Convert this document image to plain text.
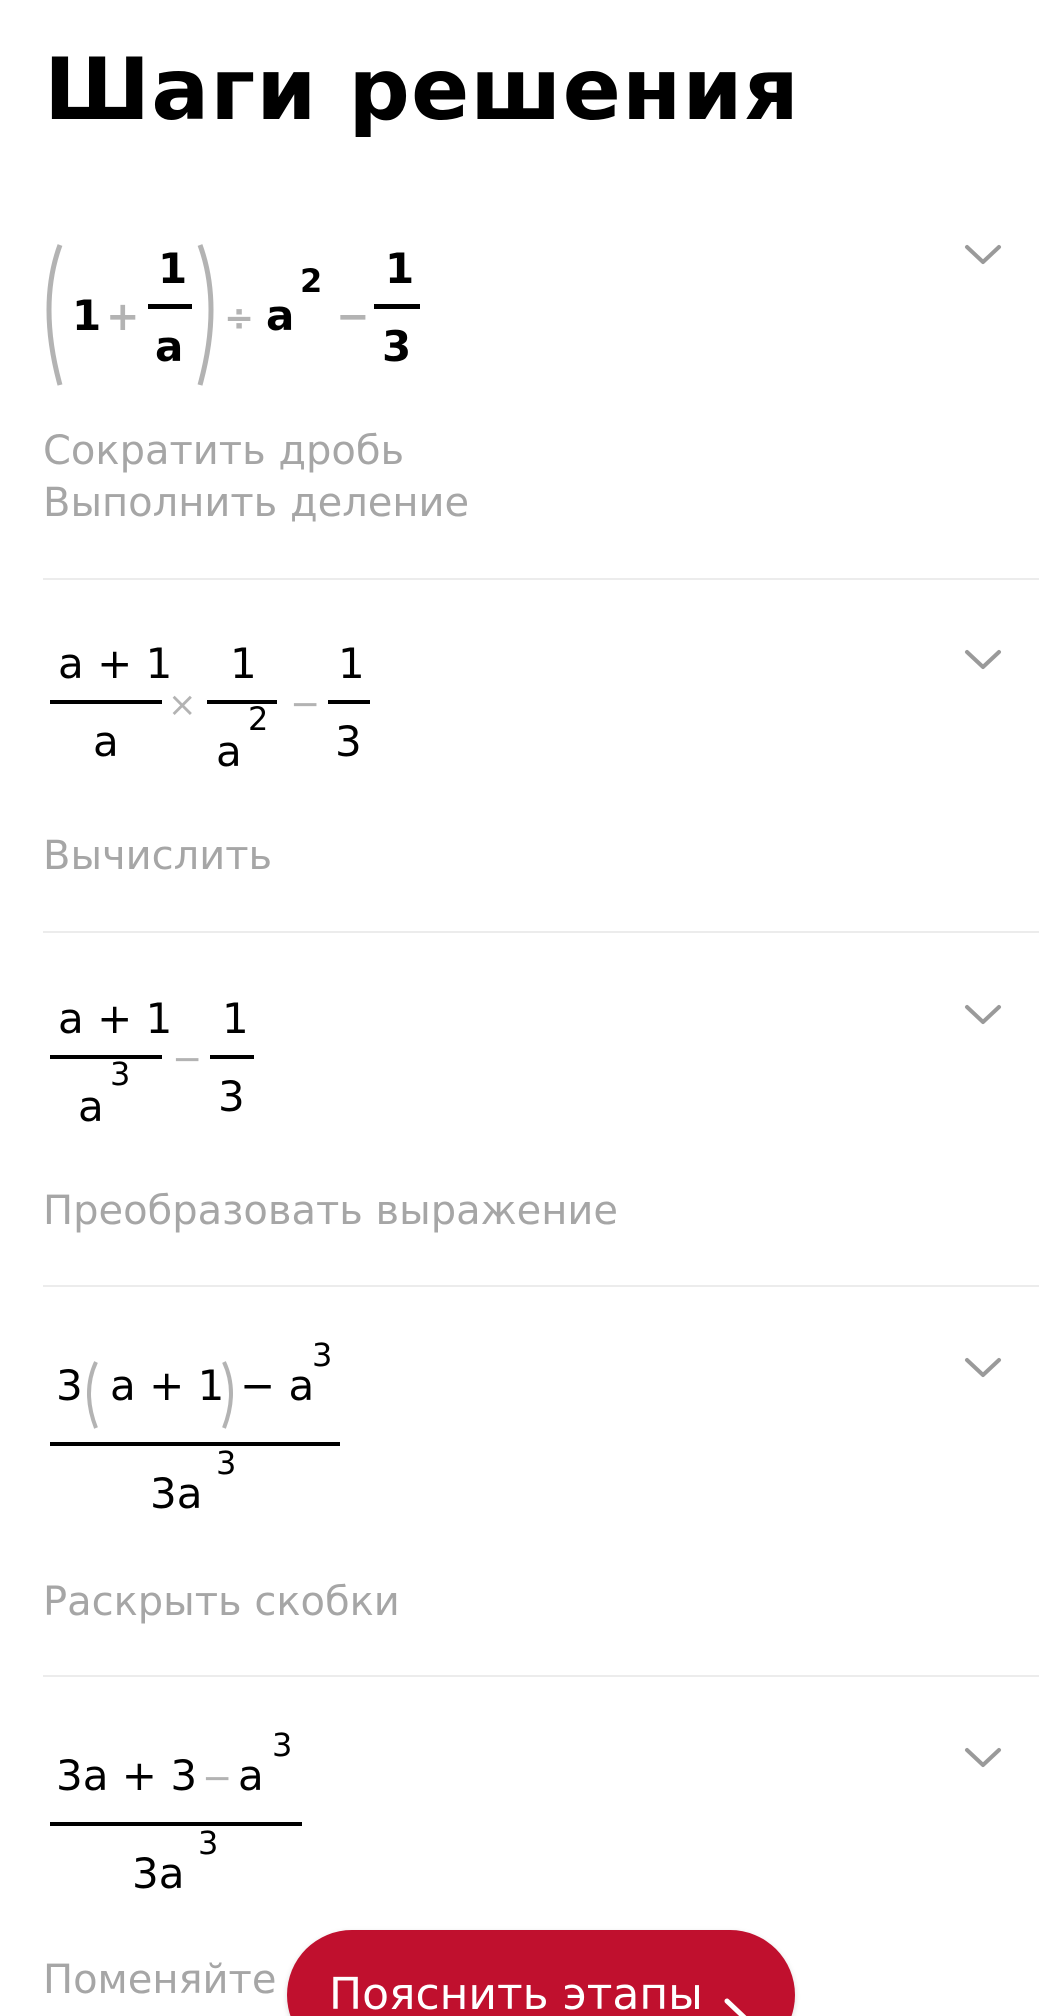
Шаги решения
1 +
1
a
÷ a
2
−
1
3
Сократить дробь
Выполнить деление
a + 1
a
×
1
a
2 −
1
3
Вычислить
a + 1
a
3 −
1
3
Преобразовать выражение
3 a + 1 − a
3
3a
3
Раскрыть скобки
3a + 3 − a
3
3a
3
Поменяйте	Пояснить этапы
